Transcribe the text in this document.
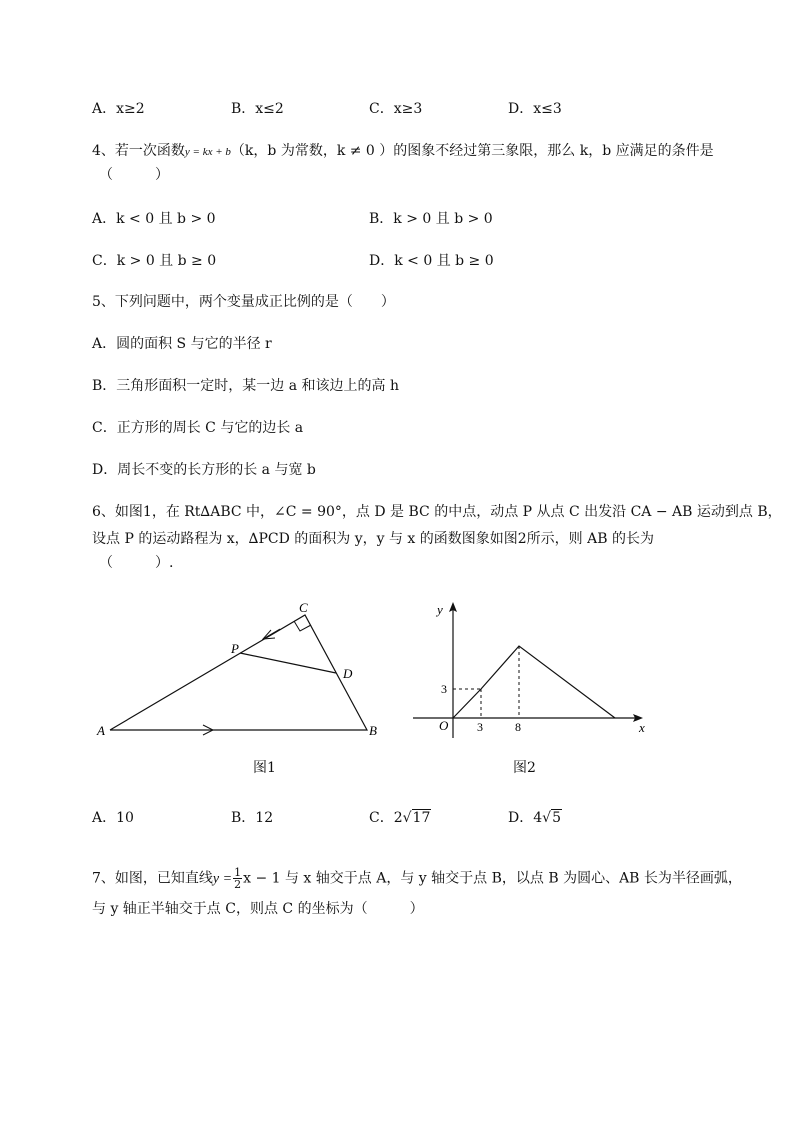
A．x≥2	B．x≤2	C．x≥3	D．x≤3
4、若一次函数y = kx + b（k，b 为常数，k ≠ 0 ）的图象不经过第三象限，那么 k，b 应满足的条件是
（　　　）
A．k < 0 且 b > 0	B．k > 0 且 b > 0
C．k > 0 且 b ≥ 0	D．k < 0 且 b ≥ 0
5、下列问题中，两个变量成正比例的是（　　）
A．圆的面积 S 与它的半径 r
B．三角形面积一定时，某一边 a 和该边上的高 h
C．正方形的周长 C 与它的边长 a
D．周长不变的长方形的长 a 与宽 b
6、如图1，在 Rt∆ABC 中，∠C = 90°，点 D 是 BC 的中点，动点 P 从点 C 出发沿 CA − AB 运动到点 B，
设点 P 的运动路程为 x，∆PCD 的面积为 y，y 与 x 的函数图象如图2所示，则 AB 的长为
（　　　）.
A	B
C
D
P
图1
y
x
O
3
3	8
图2
A．10	B．12	C．2√17	D．4√5
7、如图，已知直线$y = \frac{1}{2}$ x − 1 与 x 轴交于点 A，与 y 轴交于点 B，以点 B 为圆心、AB 长为半径画弧，
与 y 轴正半轴交于点 C，则点 C 的坐标为（　　　）
